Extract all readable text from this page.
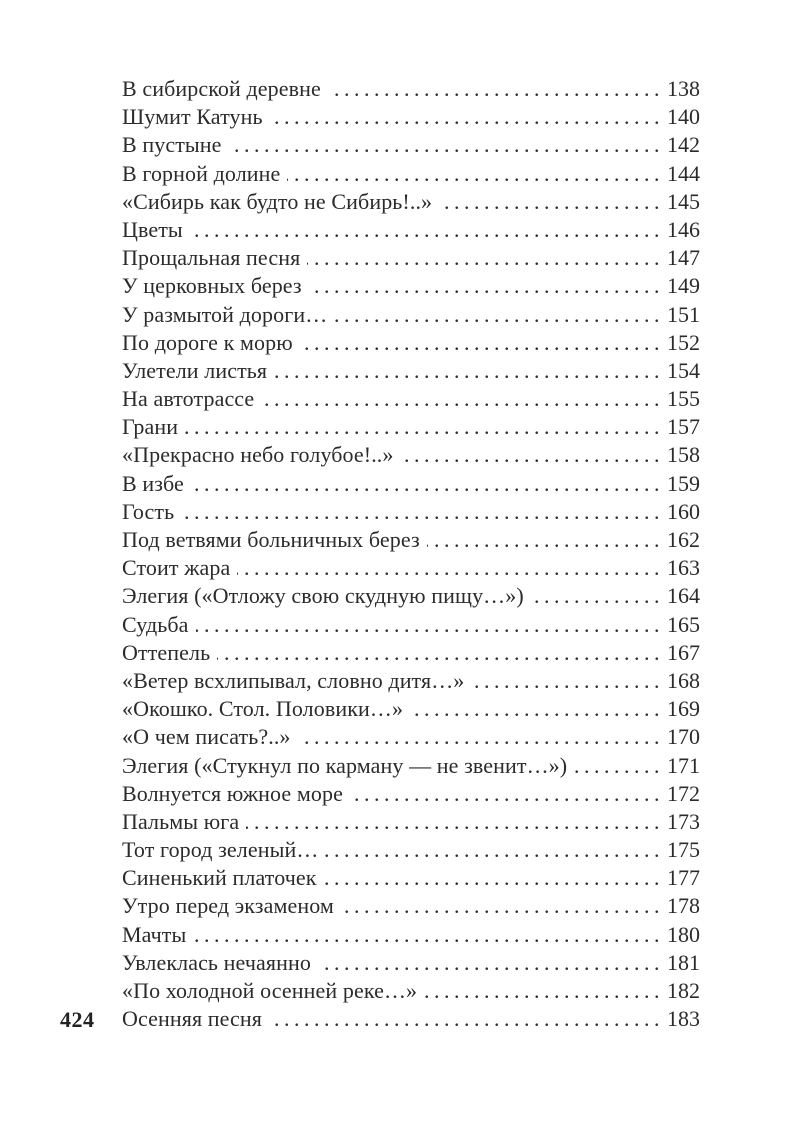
В сибирской деревне . . .	138
Шумит Катунь . . .	140
В пустыне . . .	142
В горной долине . . .	144
«Сибирь как будто не Сибирь!..» . . .	145
Цветы . . .	146
Прощальная песня . . .	147
У церковных берез . . .	149
У размытой дороги… . . .	151
По дороге к морю . . .	152
Улетели листья . . .	154
На автотрассе . . .	155
Грани . . .	157
«Прекрасно небо голубое!..» . . .	158
В избе . . .	159
Гость . . .	160
Под ветвями больничных берез . . .	162
Стоит жара . . .	163
Элегия («Отложу свою скудную пищу…») . . .	164
Судьба . . .	165
Оттепель . . .	167
«Ветер всхлипывал, словно дитя…» . . .	168
«Окошко. Стол. Половики…» . . .	169
«О чем писать?..» . . .	170
Элегия («Стукнул по карману — не звенит…») . . .	171
Волнуется южное море . . .	172
Пальмы юга . . .	173
Тот город зеленый… . . .	175
Синенький платочек . . .	177
Утро перед экзаменом . . .	178
Мачты . . .	180
Увлеклась нечаянно . . .	181
«По холодной осенней реке…» . . .	182
Осенняя песня . . .	183
424
